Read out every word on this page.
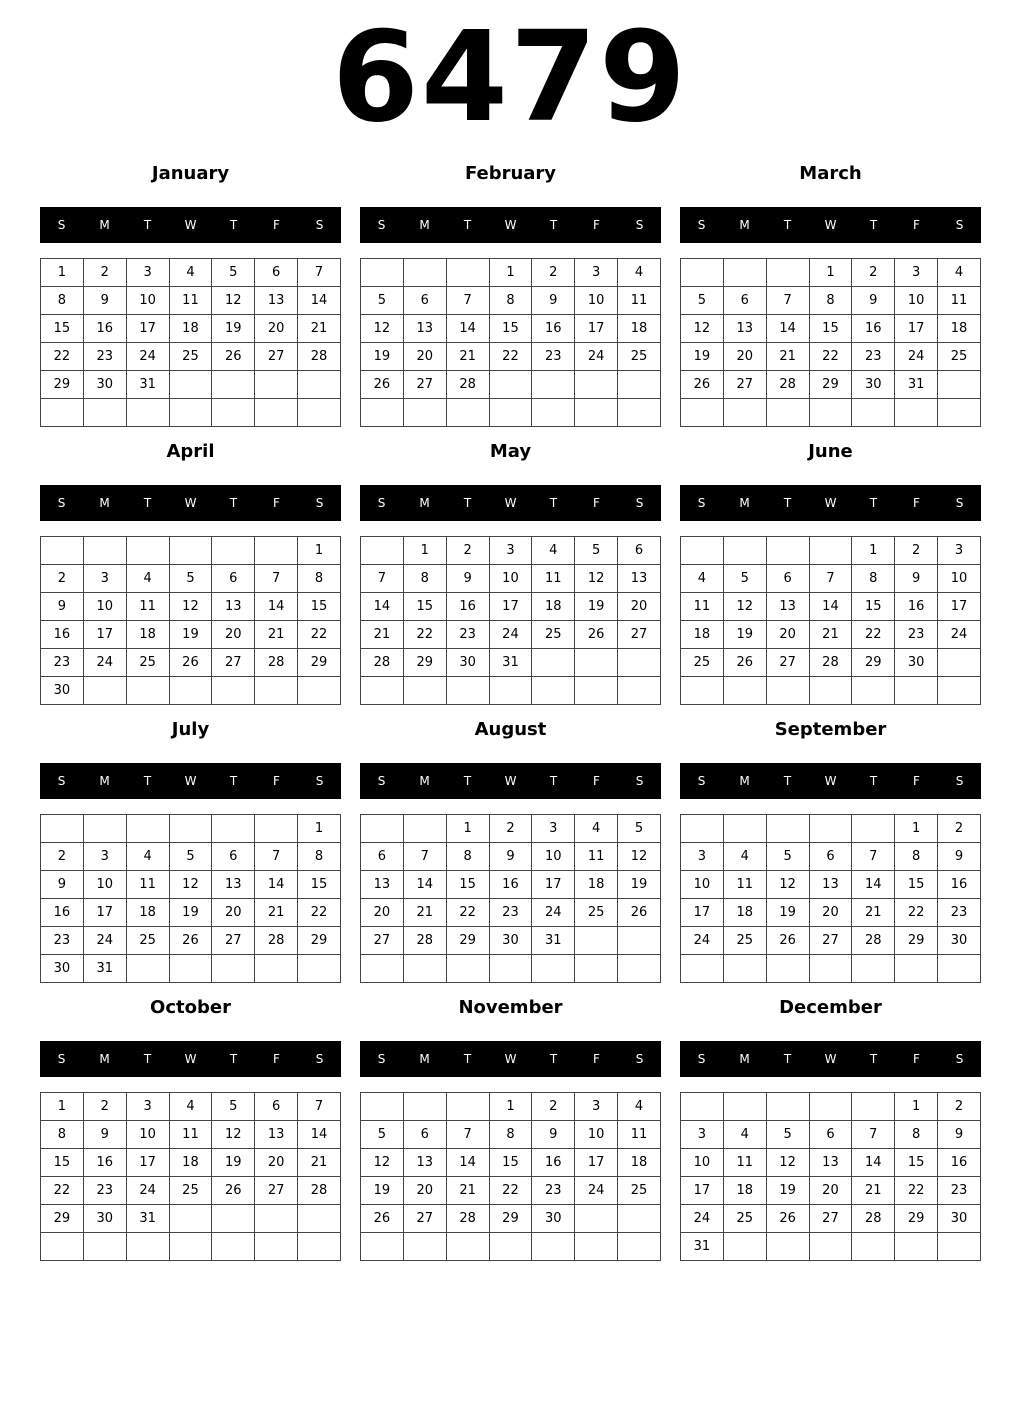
6479
January
S	M	T	W	T	F	S
1	2	3	4	5	6	7
8	9	10	11	12	13	14
15	16	17	18	19	20	21
22	23	24	25	26	27	28
29	30	31				

February
S	M	T	W	T	F	S
			1	2	3	4
5	6	7	8	9	10	11
12	13	14	15	16	17	18
19	20	21	22	23	24	25
26	27	28				

March
S	M	T	W	T	F	S
			1	2	3	4
5	6	7	8	9	10	11
12	13	14	15	16	17	18
19	20	21	22	23	24	25
26	27	28	29	30	31	

April
S	M	T	W	T	F	S
						1
2	3	4	5	6	7	8
9	10	11	12	13	14	15
16	17	18	19	20	21	22
23	24	25	26	27	28	29
30						
May
S	M	T	W	T	F	S
	1	2	3	4	5	6
7	8	9	10	11	12	13
14	15	16	17	18	19	20
21	22	23	24	25	26	27
28	29	30	31			

June
S	M	T	W	T	F	S
				1	2	3
4	5	6	7	8	9	10
11	12	13	14	15	16	17
18	19	20	21	22	23	24
25	26	27	28	29	30	

July
S	M	T	W	T	F	S
						1
2	3	4	5	6	7	8
9	10	11	12	13	14	15
16	17	18	19	20	21	22
23	24	25	26	27	28	29
30	31					
August
S	M	T	W	T	F	S
		1	2	3	4	5
6	7	8	9	10	11	12
13	14	15	16	17	18	19
20	21	22	23	24	25	26
27	28	29	30	31		

September
S	M	T	W	T	F	S
					1	2
3	4	5	6	7	8	9
10	11	12	13	14	15	16
17	18	19	20	21	22	23
24	25	26	27	28	29	30

October
S	M	T	W	T	F	S
1	2	3	4	5	6	7
8	9	10	11	12	13	14
15	16	17	18	19	20	21
22	23	24	25	26	27	28
29	30	31				

November
S	M	T	W	T	F	S
			1	2	3	4
5	6	7	8	9	10	11
12	13	14	15	16	17	18
19	20	21	22	23	24	25
26	27	28	29	30		

December
S	M	T	W	T	F	S
					1	2
3	4	5	6	7	8	9
10	11	12	13	14	15	16
17	18	19	20	21	22	23
24	25	26	27	28	29	30
31						
